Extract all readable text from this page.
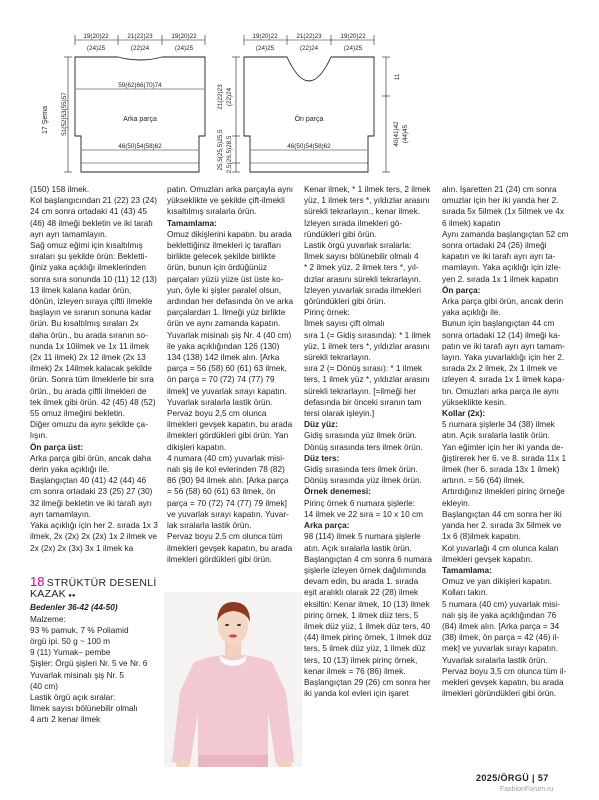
19(20)22
(24)25
21(22)23
(22)24
19(20)22
(24)25
59(62)66(70)74
Arka parça
46(50)54(58)62
51(52)53(55)57
17 Şema
19(20)22
(24)25
21(22)23
(22)24
19(20)22
(24)25
Ön parça
46(50)54(58)62
21(22)23 (22)24
25,5(25,5)25,5 (26,5)28,5
2,5
11
40(41)42 (44)45

(150) 158 ilmek.

Kol başlangıcından 21 (22) 23 (24) 24 cm sonra ortadaki 41 (43) 45 (46) 48 ilmeği bekletin ve iki tarafı ayrı ayrı tamamlayın.

Sağ omuz eğimi için kısaltılmış sıraları şu şekilde örün: Beklettiğiniz yaka açıklığı ilmeklerinden sonra sıra sonunda 10 (11) 12 (13) 13 ilmek kalana kadar örün, dönün, izleyen sıraya çiftli ilmekle başlayın ve sıranın sonuna kadar örün. Bu kısaltılmış sıraları 2x daha örün., bu arada sıranın sonunda 1x 10ilmek ve 1x 11 ilmek (2x 11 ilmek) 2x 12 ilmek (2x 13 ilmek) 2x 14ilmek kalacak şekilde örün. Sonra tüm ilmeklerle bir sıra örün., bu arada çiftli ilmekleri de tek ilmek gibi örün. 42 (45) 48 (52) 55 omuz ilmeğini bekletin.

Diğer omuzu da aynı şekilde çalışın.

Ön parça üst:

Arka parça gibi örün, ancak daha derin yaka açıklığı ile.

Başlangıçtan 40 (41) 42 (44) 46 cm sonra ortadaki 23 (25) 27 (30) 32 ilmeği bekletin ve iki tarafı ayrı ayrı tamamlayın.

Yaka açıklığı için her 2. sırada 1x 3 ilmek, 2x (2x) 2x (2x) 1x 2 ilmek ve 2x (2x) 2x (3x) 3x 1 ilmek ka

patın. Omuzları arka parçayla aynı yükseklikte ve şekilde çift-ilmekli kısaltılmış sıralarla örün.

Tamamlama:

Omuz dikişlerini kapatın. bu arada beklettiğiniz ilmekleri iç tarafları birlikte gelecek şekilde birlikte örün, bunun için ördüğünüz parçaları yüzü yüze üst üste koyun, öyle ki şişler paralel olsun, ardından her defasında ön ve arka parçalardan 1. İlmeği yüz birlikte örün ve aynı zamanda kapatın. Yuvarlak misinalı şiş Nr. 4 (40 cm) ile yaka açıklığından 126 (130) 134 (138) 142 ilmek alın. [Arka parça = 56 (58) 60 (61) 63 ilmek, ön parça = 70 (72) 74 (77) 79 ilmek] ve yuvarlak sırayı kapatın. Yuvarlak sıralarla lastik örün. Pervaz boyu 2,5 cm olunca ilmekleri gevşek kapatın, bu arada ilmekleri gördükleri gibi örün. Yan dikişleri kapatın.

4 numara (40 cm) yuvarlak misinalı şiş ile kol evlerinden 78 (82) 86 (90) 94 ilmek alın. [Arka parça = 56 (58) 60 (61) 63 ilmek, ön parça = 70 (72) 74 (77) 79 ilmek] ve yuvarlak sırayı kapatın. Yuvarlak sıralarla lastik örün.

Pervaz boyu 2,5 cm olunca tüm ilmekleri gevşek kapatın, bu arada ilmekleri gördükleri gibi örün.

Kenar ilmek, * 1 ilmek ters, 2 ilmek yüz, 1 ilmek ters *, yıldızlar arasını sürekli tekrarlayın., kenar ilmek. İzleyen sırada ilmekleri göründükleri gibi örün.

Lastik örgü yuvarlak sıralarla:

İlmek sayısı bölünebilir olmalı 4

* 2 ilmek yüz, 2 ilmek ters *, yıldızlar arasını sürekli tekrarlayın. İzleyen yuvarlak sırada ilmekleri göründükleri gibi örün.

Pirinç örnek:

İlmek sayısı çift olmalı

sıra 1 (= Gidiş sırasında): * 1 ilmek yüz, 1 ilmek ters *, yıldızlar arasını sürekli tekrarlayın.

sıra 2 (= Dönüş sırası): * 1 ilmek ters, 1 ilmek yüz *, yıldızlar arasını sürekli tekrarlayın. [=ilmeği her defasında bir önceki sıranın tam tersi olarak işleyin.]

Düz yüz:

Gidiş sırasında yüz ilmek örün. Dönüş sırasında ters ilmek örün.

Düz ters:

Gidiş sırasında ters ilmek örün. Dönüş sırasında yüz ilmek örün.

Örnek denemesi:

Pirinç örnek 6 numara şişlerle:

14 ilmek ve 22 sıra = 10 x 10 cm

Arka parça:

98 (114) ilmek 5 numara şişlerle atın. Açık sıralarla lastik örün.

Başlangıçtan 4 cm sonra 6 numara şişlerle izleyen örnek dağılımında devam edin, bu arada 1. sırada eşit aralıklı olarak 22 (28) ilmek eksiltin: Kenar ilmek, 10 (13) ilmek pirinç örnek, 1 ilmek düz ters, 5 ilmek düz yüz, 1 ilmek düz ters, 40 (44) ilmek pirinç örnek, 1 ilmek düz ters, 5 ilmek düz yüz, 1 ilmek düz ters, 10 (13) ilmek pirinç örnek, kenar ilmek = 76 (86) ilmek.

Başlangıçtan 29 (26) cm sonra her iki yanda kol evleri için işaret

alın. İşaretten 21 (24) cm sonra omuzlar için her iki yanda her 2. sırada 5x 5ilmek (1x 5ilmek ve 4x 6 ilmek) kapatın

Aynı zamanda başlangıçtan 52 cm sonra ortadaki 24 (26) ilmeği kapatın ve iki tarafı ayrı ayrı tamamlayın. Yaka açıklığı için izleyen 2. sırada 1x 1 ilmek kapatın

Ön parça:

Arka parça gibi örün, ancak derin yaka açıklığı ile.

Bunun için başlangıçtan 44 cm sonra ortadaki 12 (14) ilmeği kapatın ve iki tarafı ayrı ayrı tamamlayın. Yaka yuvarlaklığı için her 2. sırada 2x 2 ilmek, 2x 1 ilmek ve izleyen 4. sırada 1x 1 ilmek kapatın. Omuzları arka parça ile aynı yükseklikte kesin.

Kollar (2x):

5 numara şişlerle 34 (38) ilmek atın. Açık sıralarla lastik örün.

Yan eğimler için her iki yanda değiştirerek her 6. ve 8. sırada 11x 1 ilmek (her 6. sırada 13x 1 ilmek) artırın. = 56 (64) ilmek.

Artırdığınız ilmekleri pirinç örneğe ekleyin.

Başlangıçtan 44 cm sonra her iki yanda her 2. sırada 3x 5ilmek ve 1x 6 (8)ilmek kapatın.

Kol yuvarlağı 4 cm olunca kalan ilmekleri gevşek kapatın.

Tamamlama:

Omuz ve yan dikişleri kapatın.

Kolları takın.

5 numara (40 cm) yuvarlak misinalı şiş ile yaka açıklığından 76 (84) ilmek alın. [Arka parça = 34 (38) ilmek, ön parça = 42 (46) ilmek] ve yuvarlak sırayı kapatın. Yuvarlak sıralarla lastik örün.

Pervaz boyu 3,5 cm olunca tüm ilmekleri gevşek kapatın, bu arada ilmekleri göründükleri gibi örün.

18 STRÜKTÜR DESENLİ

KAZAK ●●

Bedenler 36-42 (44-50)

Malzeme:

93 % pamuk, 7 % Poliamid

örgü ipi. 50 g ~ 100 m

9 (11) Yumak– pembe

Şişler: Örgü şişleri Nr. 5 ve Nr. 6

Yuvarlak misinalı şiş Nr. 5

(40 cm)

Lastik örgü açık sıralar:

İlmek sayısı bölünebilir olmalı

4 artı 2 kenar ilmek

2025/ÖRGÜ | 57
FashionForum.ru
